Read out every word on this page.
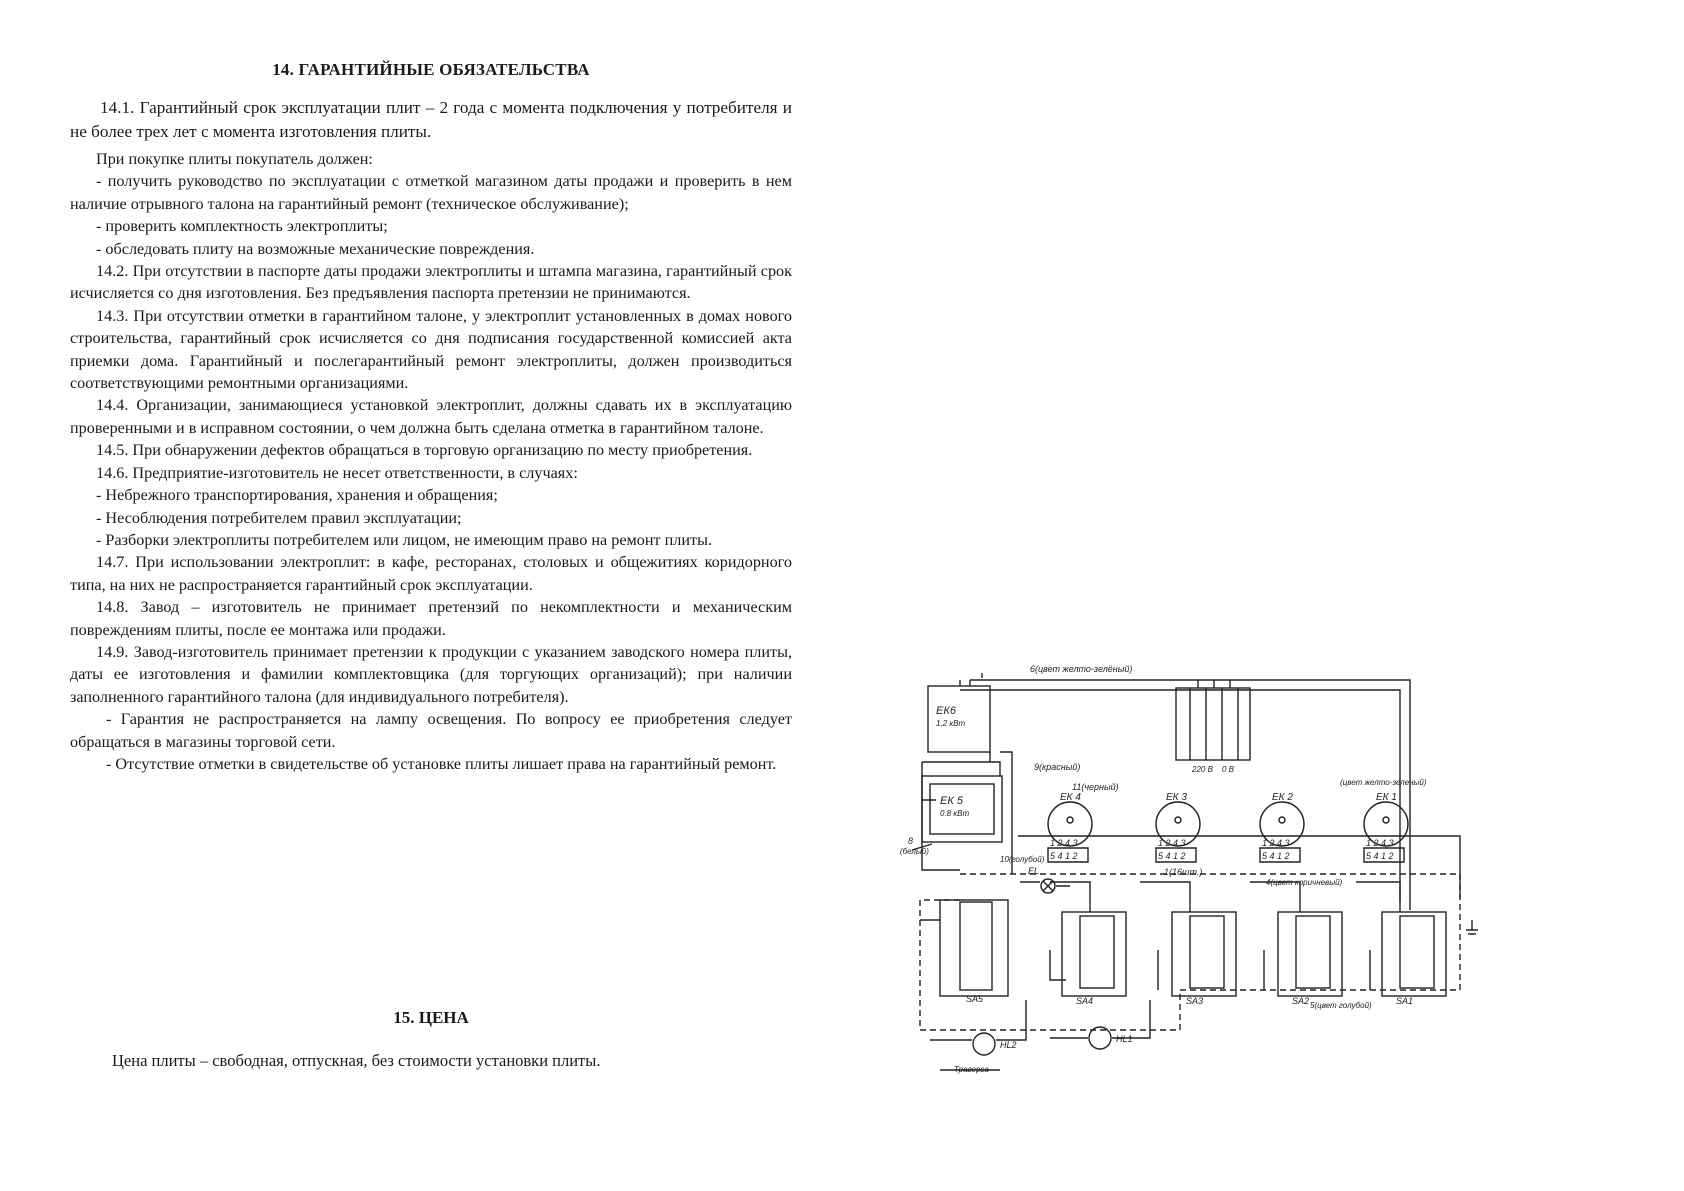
14. ГАРАНТИЙНЫЕ ОБЯЗАТЕЛЬСТВА

14.1. Гарантийный срок эксплуатации плит – 2 года с момента подключения у потребителя и не более трех лет с момента изготовления плиты.

При покупке плиты покупатель должен:

- получить руководство по эксплуатации с отметкой магазином даты продажи и проверить в нем наличие отрывного талона на гарантийный ремонт (техническое обслуживание);

- проверить комплектность электроплиты;

- обследовать плиту на возможные механические повреждения.

14.2. При отсутствии в паспорте даты продажи электроплиты и штампа магазина, гарантийный срок исчисляется со дня изготовления. Без предъявления паспорта претензии не принимаются.

14.3. При отсутствии отметки в гарантийном талоне, у электроплит установленных в домах нового строительства, гарантийный срок исчисляется со дня подписания государственной комиссией акта приемки дома. Гарантийный и послегарантийный ремонт электроплиты, должен производиться соответствующими ремонтными организациями.

14.4. Организации, занимающиеся установкой электроплит, должны сдавать их в эксплуатацию проверенными и в исправном состоянии, о чем должна быть сделана отметка в гарантийном талоне.

14.5. При обнаружении дефектов обращаться в торговую организацию по месту приобретения.

14.6. Предприятие-изготовитель не несет ответственности, в случаях:

- Небрежного транспортирования, хранения и обращения;

- Несоблюдения потребителем правил эксплуатации;

- Разборки электроплиты потребителем или лицом, не имеющим право на ремонт плиты.

14.7. При использовании электроплит: в кафе, ресторанах, столовых и общежитиях коридорного типа, на них не распространяется гарантийный срок эксплуатации.

14.8. Завод – изготовитель не принимает претензий по некомплектности и механическим повреждениям плиты, после ее монтажа или продажи.

14.9. Завод-изготовитель принимает претензии к продукции с указанием заводского номера плиты, даты ее изготовления и фамилии комплектовщика (для торгующих организаций); при наличии заполненного гарантийного талона (для индивидуального потребителя).

- Гарантия не распространяется на лампу освещения. По вопросу ее приобретения следует обращаться в магазины торговой сети.

- Отсутствие отметки в свидетельстве об установке плиты лишает права на гарантийный ремонт.

15. ЦЕНА
Цена плиты – свободная, отпускная, без стоимости установки плиты.
6(цвет желто-зелёный)
9(красный)
11(черный)	(цвет желто-зеленый)
ЕК6
1,2 кВт
ЕК 5
0.8 кВт
ЕК 4	ЕК 3	ЕК 2	ЕК 1
1 2 4 3	1 2 4 3	1 2 4 3	1 2 4 3
5 4 1 2	5 4 1 2	5 4 1 2	5 4 1 2
1(16шт.)
4(цвет коричневый)
5(цвет голубой)
8
(белый)
10(голубой)
EL
SA5	SA4	SA3	SA2	SA1
HL2
HL1
220 В 0 В
Траверса
